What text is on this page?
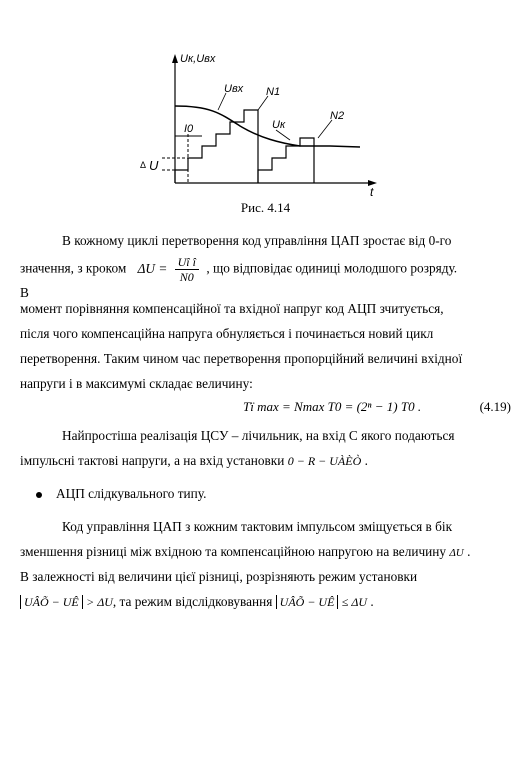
Uк,Uвх
t
Uвх N1
Uк
N2
I0
Δ U
Рис. 4.14
В кожному циклі перетворення код управління ЦАП зростає від 0-го
значення, з кроком $\Delta U = \frac{\text{Uî î}}{N0}$ , що відповідає одиниці молодшого розряду.
В
момент порівняння компенсаційної та вхідної напруг код АЦП зчитується,
після чого компенсаційна напруга обнуляється і починається новий цикл
перетворення. Таким чином час перетворення пропорційний величині вхідної
напруги і в максимумі складає величину:
Tï max = Nmax T0 = (2ⁿ − 1) T0 .	(4.19)
Найпростіша реалізація ЦСУ – лічильник, на вхід C якого подаються
імпульсні тактові напруги, а на вхід установки 0 − R − UÀÈÒ .
АЦП слідкувального типу.
Код управління ЦАП з кожним тактовим імпульсом зміщується в бік
зменшення різниці між вхідною та компенсаційною напругою на величину ΔU .
В залежності від величини цієї різниці, розрізняють режим установки
UÂÕ − UÊ > ΔU, та режим відслідковування UÂÕ − UÊ ≤ ΔU .
